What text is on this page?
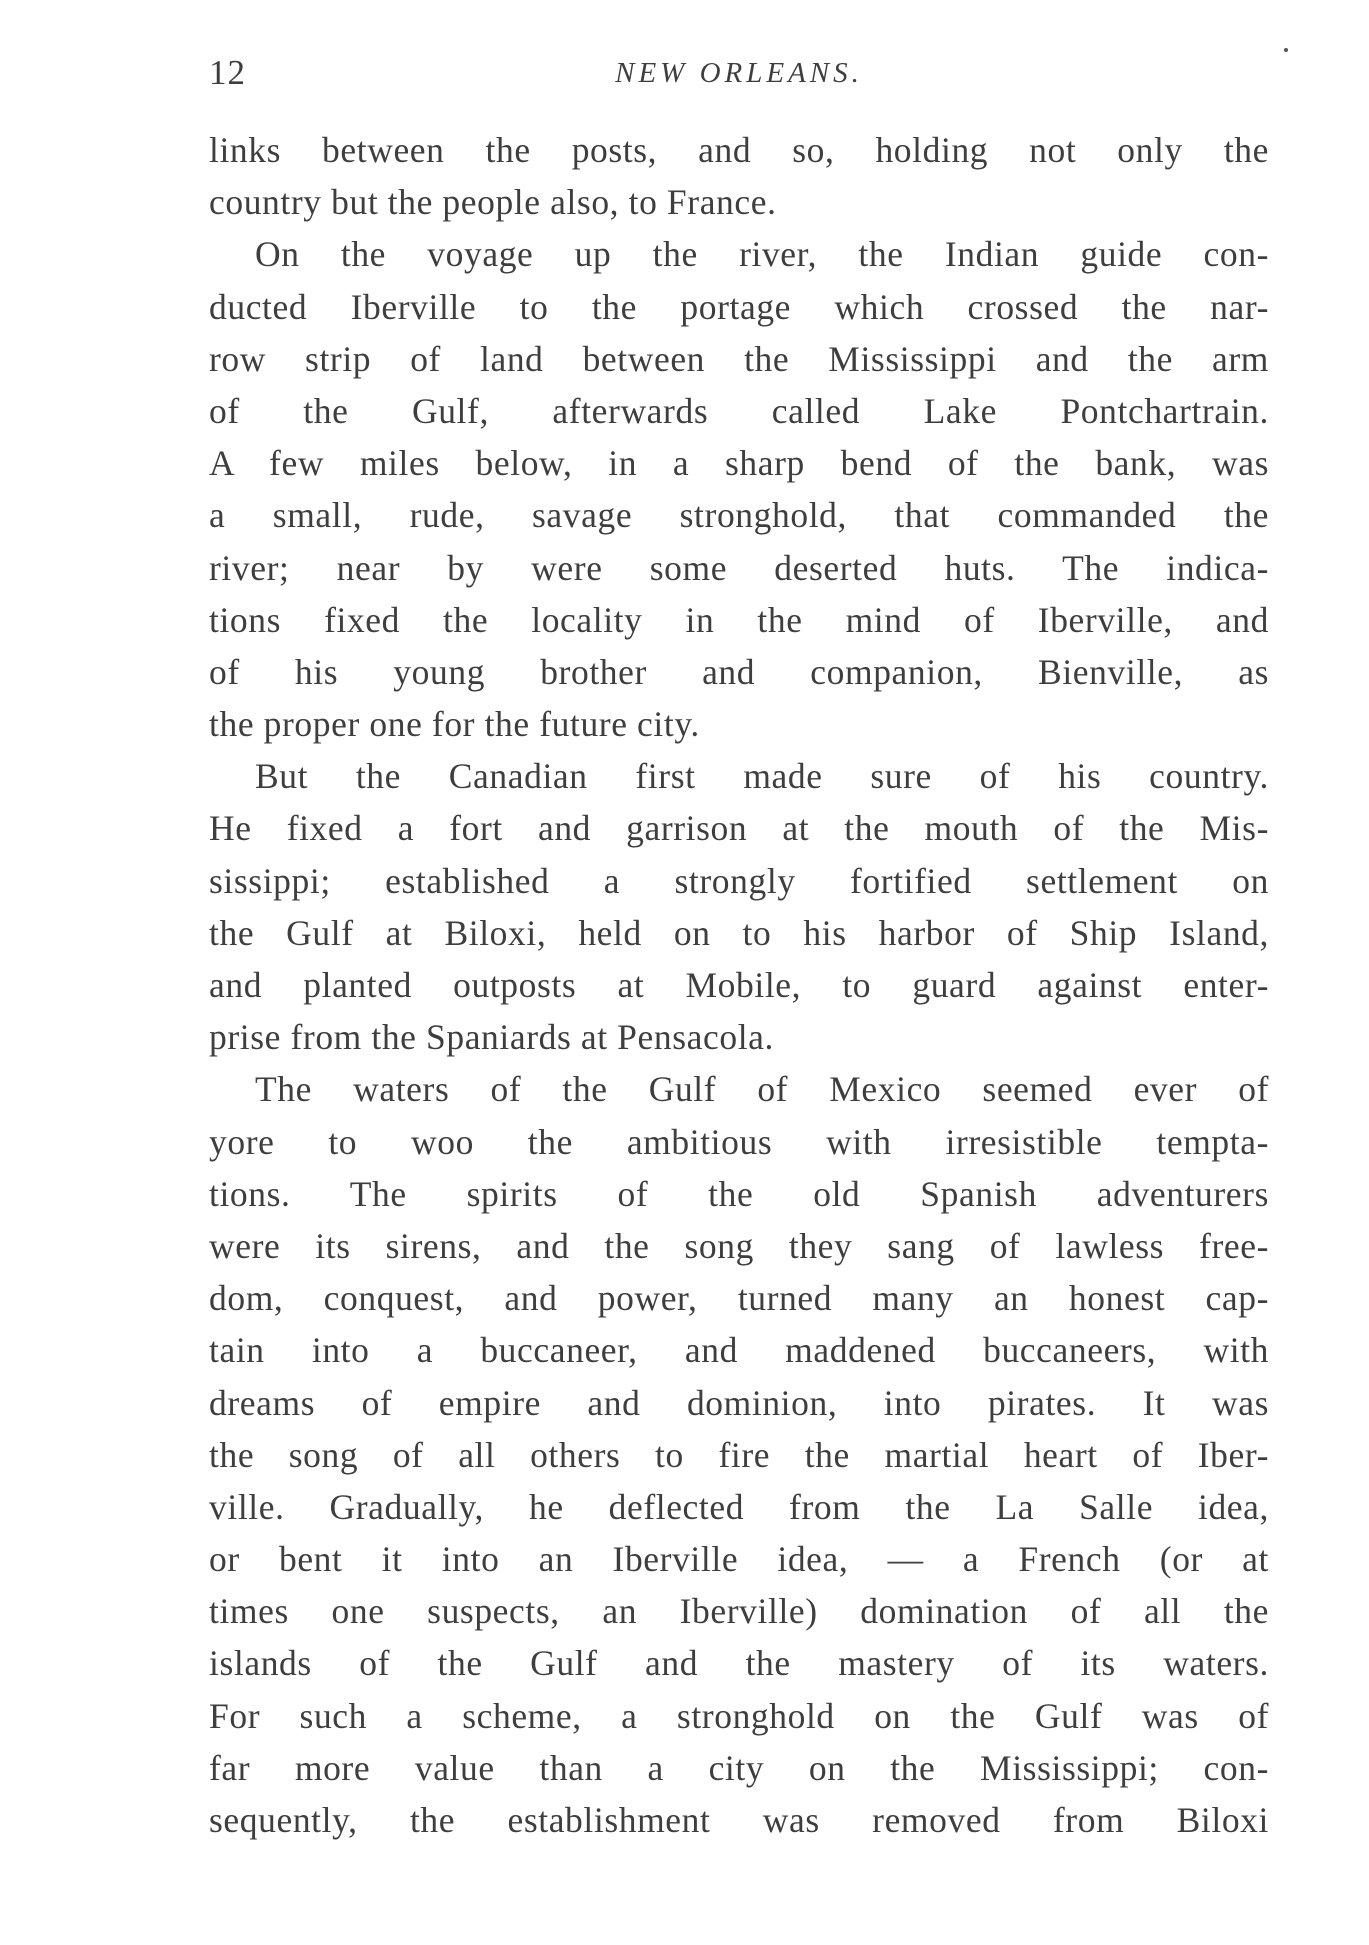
12	NEW ORLEANS.
links between the posts, and so, holding not only the
country but the people also, to France.
On the voyage up the river, the Indian guide con-
ducted Iberville to the portage which crossed the nar-
row strip of land between the Mississippi and the arm
of the Gulf, afterwards called Lake Pontchartrain.
A few miles below, in a sharp bend of the bank, was
a small, rude, savage stronghold, that commanded the
river; near by were some deserted huts. The indica-
tions fixed the locality in the mind of Iberville, and
of his young brother and companion, Bienville, as
the proper one for the future city.
But the Canadian first made sure of his country.
He fixed a fort and garrison at the mouth of the Mis-
sissippi; established a strongly fortified settlement on
the Gulf at Biloxi, held on to his harbor of Ship Island,
and planted outposts at Mobile, to guard against enter-
prise from the Spaniards at Pensacola.
The waters of the Gulf of Mexico seemed ever of
yore to woo the ambitious with irresistible tempta-
tions. The spirits of the old Spanish adventurers
were its sirens, and the song they sang of lawless free-
dom, conquest, and power, turned many an honest cap-
tain into a buccaneer, and maddened buccaneers, with
dreams of empire and dominion, into pirates. It was
the song of all others to fire the martial heart of Iber-
ville. Gradually, he deflected from the La Salle idea,
or bent it into an Iberville idea, — a French (or at
times one suspects, an Iberville) domination of all the
islands of the Gulf and the mastery of its waters.
For such a scheme, a stronghold on the Gulf was of
far more value than a city on the Mississippi; con-
sequently, the establishment was removed from Biloxi
